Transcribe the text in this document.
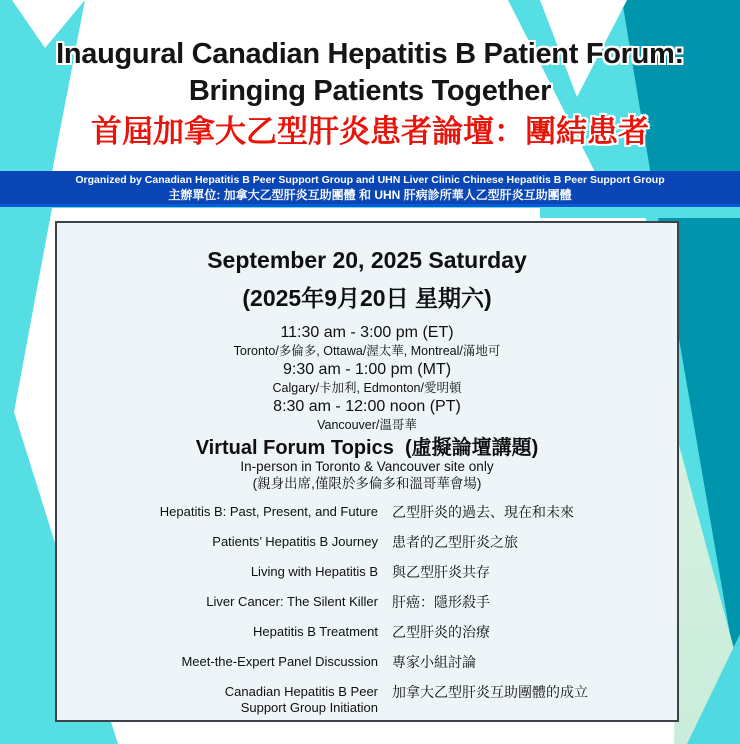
Inaugural Canadian Hepatitis B Patient Forum:
Bringing Patients Together
首屆加拿大乙型肝炎患者論壇：團結患者
Organized by Canadian Hepatitis B Peer Support Group and UHN Liver Clinic Chinese Hepatitis B Peer Support Group
主辦單位: 加拿大乙型肝炎互助團體 和 UHN 肝病診所華人乙型肝炎互助團體
September 20, 2025 Saturday
(2025年9月20日 星期六)
11:30 am - 3:00 pm (ET)
Toronto/多倫多, Ottawa/渥太華, Montreal/滿地可
9:30 am - 1:00 pm (MT)
Calgary/卡加利, Edmonton/愛明頓
8:30 am - 12:00 noon (PT)
Vancouver/溫哥華
Virtual Forum Topics  (虛擬論壇講題)
In-person in Toronto & Vancouver site only
(親身出席,僅限於多倫多和溫哥華會場)
Hepatitis B: Past, Present, and Future 乙型肝炎的過去、現在和未來
Patients’ Hepatitis B Journey 患者的乙型肝炎之旅
Living with Hepatitis B 與乙型肝炎共存
Liver Cancer: The Silent Killer 肝癌：隱形殺手
Hepatitis B Treatment 乙型肝炎的治療
Meet-the-Expert Panel Discussion 專家小組討論
Canadian Hepatitis B Peer Support Group Initiation
加拿大乙型肝炎互助團體的成立
